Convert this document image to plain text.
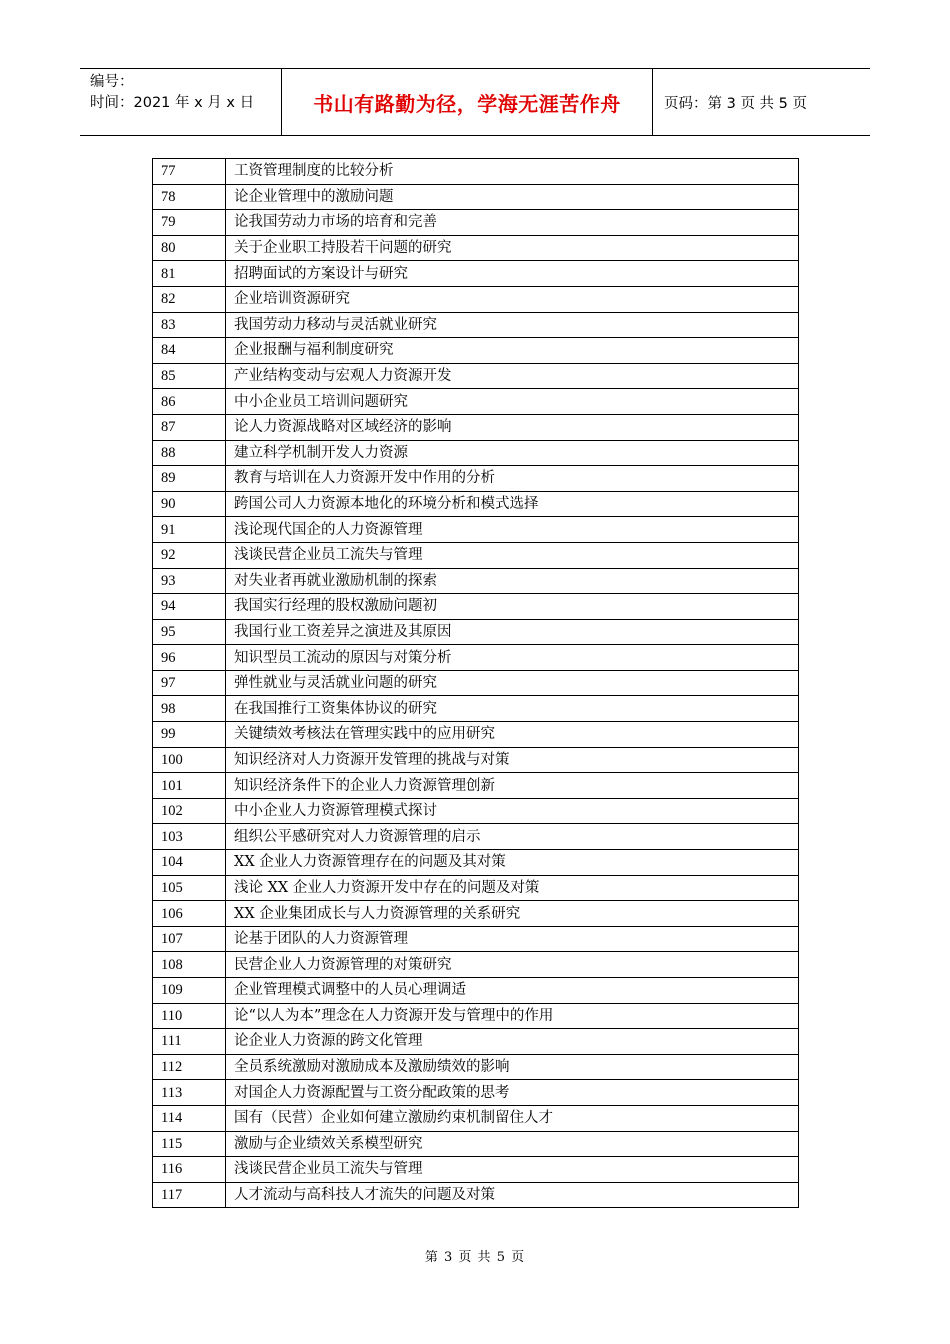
编号：
时间：2021 年 x 月 x 日	书山有路勤为径，学海无涯苦作舟	页码：第 3 页 共 5 页
77	工资管理制度的比较分析
78	论企业管理中的激励问题
79	论我国劳动力市场的培育和完善
80	关于企业职工持股若干问题的研究
81	招聘面试的方案设计与研究
82	企业培训资源研究
83	我国劳动力移动与灵活就业研究
84	企业报酬与福利制度研究
85	产业结构变动与宏观人力资源开发
86	中小企业员工培训问题研究
87	论人力资源战略对区域经济的影响
88	建立科学机制开发人力资源
89	教育与培训在人力资源开发中作用的分析
90	跨国公司人力资源本地化的环境分析和模式选择
91	浅论现代国企的人力资源管理
92	浅谈民营企业员工流失与管理
93	对失业者再就业激励机制的探索
94	我国实行经理的股权激励问题初
95	我国行业工资差异之演进及其原因
96	知识型员工流动的原因与对策分析
97	弹性就业与灵活就业问题的研究
98	在我国推行工资集体协议的研究
99	关键绩效考核法在管理实践中的应用研究
100	知识经济对人力资源开发管理的挑战与对策
101	知识经济条件下的企业人力资源管理创新
102	中小企业人力资源管理模式探讨
103	组织公平感研究对人力资源管理的启示
104	XX 企业人力资源管理存在的问题及其对策
105	浅论 XX 企业人力资源开发中存在的问题及对策
106	XX 企业集团成长与人力资源管理的关系研究
107	论基于团队的人力资源管理
108	民营企业人力资源管理的对策研究
109	企业管理模式调整中的人员心理调适
110	论“以人为本”理念在人力资源开发与管理中的作用
111	论企业人力资源的跨文化管理
112	全员系统激励对激励成本及激励绩效的影响
113	对国企人力资源配置与工资分配政策的思考
114	国有（民营）企业如何建立激励约束机制留住人才
115	激励与企业绩效关系模型研究
116	浅谈民营企业员工流失与管理
117	人才流动与高科技人才流失的问题及对策
第 3 页 共 5 页
